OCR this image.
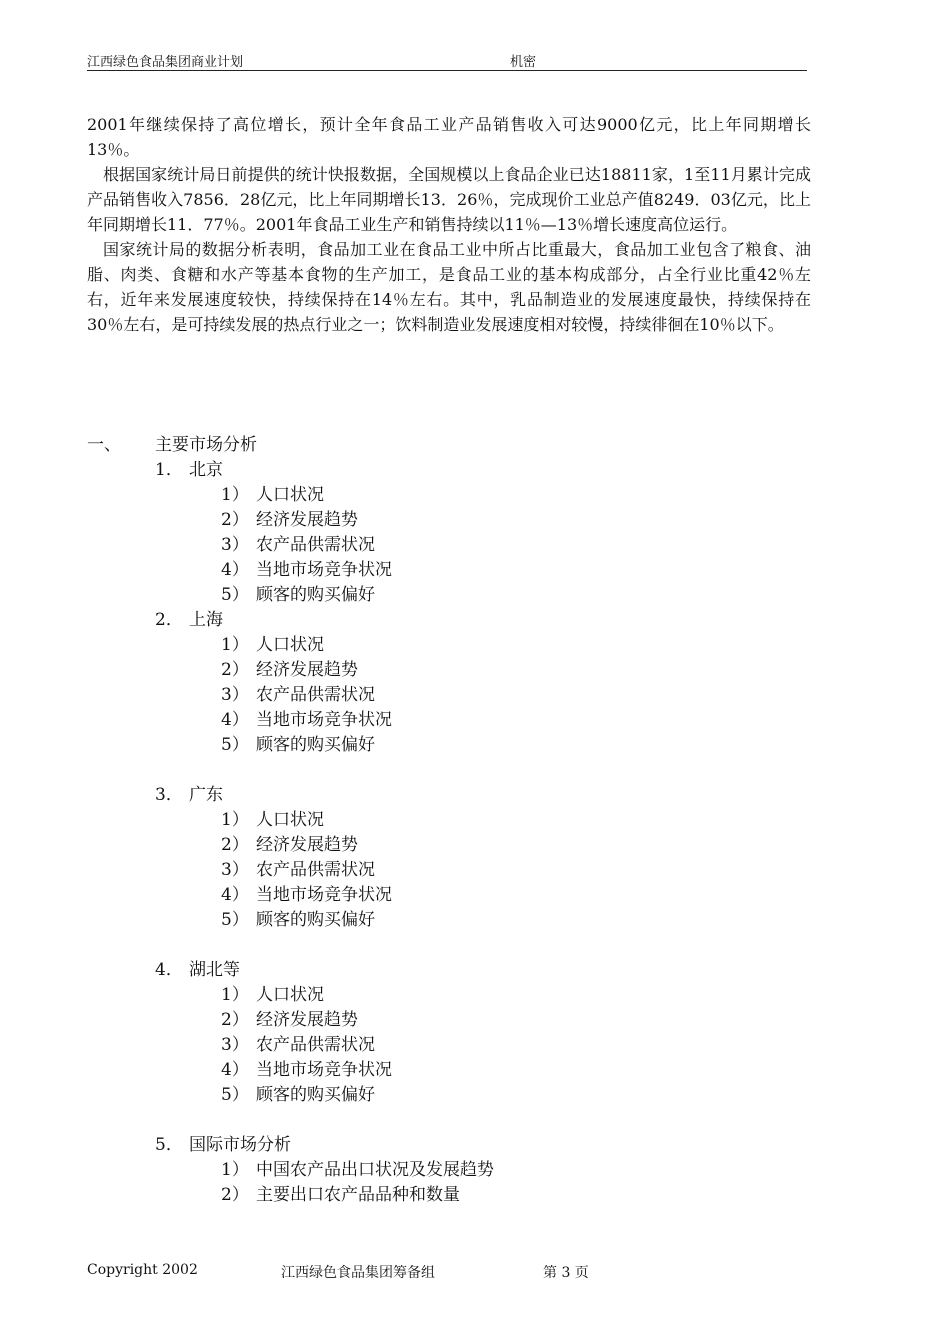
江西绿色食品集团商业计划	机密

2001年继续保持了高位增长，预计全年食品工业产品销售收入可达9000亿元，比上年同期增长13％。

根据国家统计局日前提供的统计快报数据，全国规模以上食品企业已达18811家，1至11月累计完成产品销售收入7856．28亿元，比上年同期增长13．26％，完成现价工业总产值8249．03亿元，比上年同期增长11．77％。2001年食品工业生产和销售持续以11％—13％增长速度高位运行。

国家统计局的数据分析表明，食品加工业在食品工业中所占比重最大，食品加工业包含了粮食、油脂、肉类、食糖和水产等基本食物的生产加工，是食品工业的基本构成部分，占全行业比重42％左右，近年来发展速度较快，持续保持在14％左右。其中，乳品制造业的发展速度最快，持续保持在30％左右，是可持续发展的热点行业之一；饮料制造业发展速度相对较慢，持续徘徊在10％以下。

一、 主要市场分析
1． 北京
1） 人口状况
2） 经济发展趋势
3） 农产品供需状况
4） 当地市场竞争状况
5） 顾客的购买偏好
2． 上海
1） 人口状况
2） 经济发展趋势
3） 农产品供需状况
4） 当地市场竞争状况
5） 顾客的购买偏好
3． 广东
1） 人口状况
2） 经济发展趋势
3） 农产品供需状况
4） 当地市场竞争状况
5） 顾客的购买偏好
4． 湖北等
1） 人口状况
2） 经济发展趋势
3） 农产品供需状况
4） 当地市场竞争状况
5） 顾客的购买偏好
5． 国际市场分析
1） 中国农产品出口状况及发展趋势
2） 主要出口农产品品种和数量
Copyright 2002	江西绿色食品集团筹备组	第 3 页
